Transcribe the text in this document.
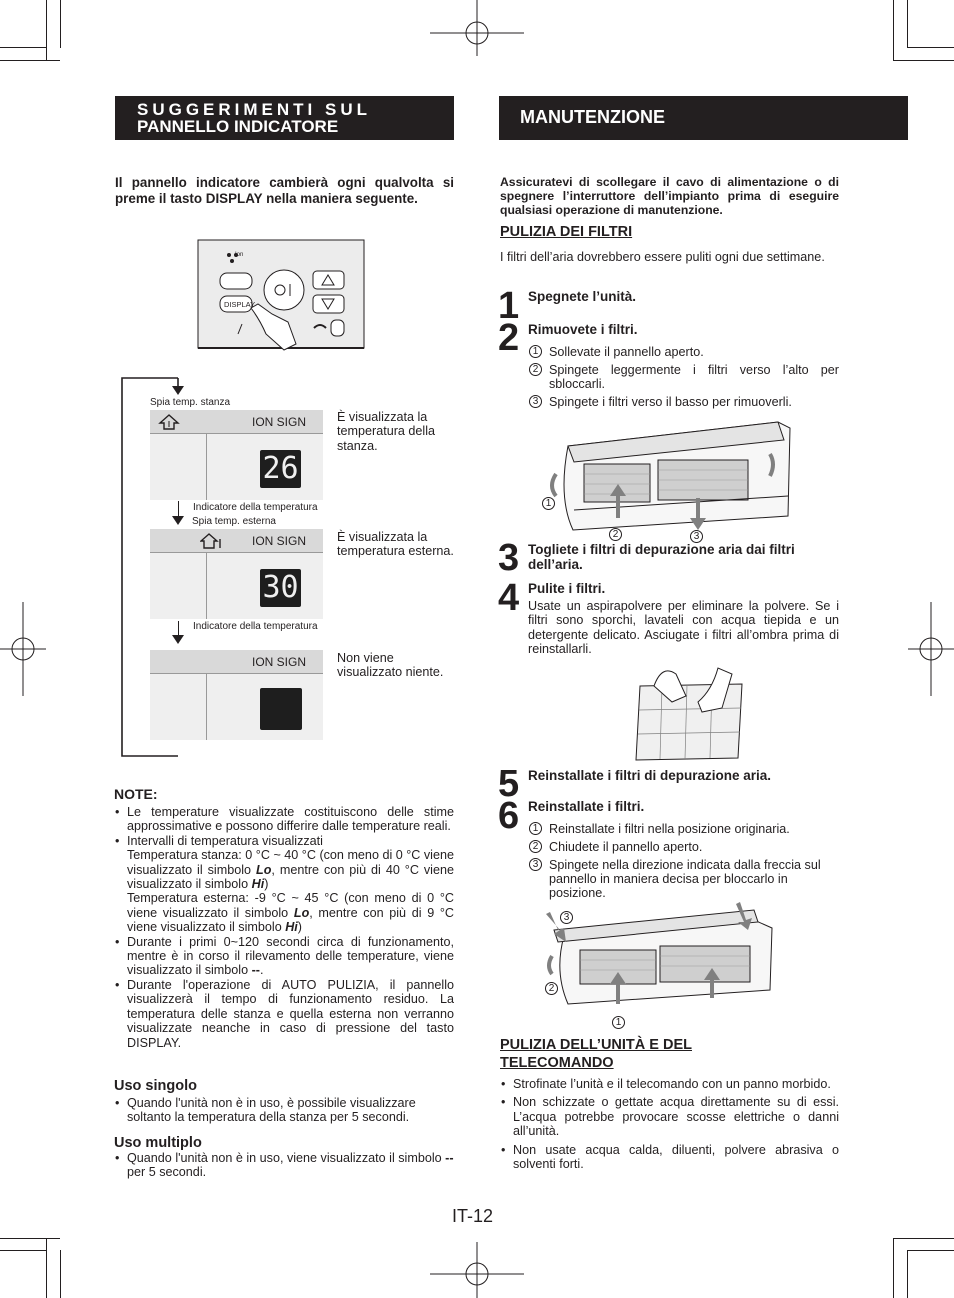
SUGGERIMENTI SUL
PANNELLO INDICATORE	MANUTENZIONE
Il pannello indicatore cambierà ogni qualvolta si preme il tasto DISPLAY nella maniera seguente.
Ion
DISPLAY
Spia temp. stanza
ION SIGN
26
È visualizzata la temperatura della stanza.
Indicatore della temperatura
Spia temp. esterna
ION SIGN
30
È visualizzata la temperatura esterna.
Indicatore della temperatura
ION SIGN Non viene visualizzato niente.
NOTE:
• Le temperature visualizzate costituiscono delle stime approssimative e possono differire dalle temperature reali.
• Intervalli di temperatura visualizzati
Temperatura stanza: 0 °C ~ 40 °C (con meno di 0 °C viene visualizzato il simbolo Lo, mentre con più di 40 °C viene visualizzato il simbolo Hi)
Temperatura esterna: -9 °C ~ 45 °C (con meno di 0 °C viene visualizzato il simbolo Lo, mentre con più di 9 °C viene visualizzato il simbolo Hi)
• Durante i primi 0~120 secondi circa di funzionamento, mentre è in corso il rilevamento delle temperature, viene visualizzato il simbolo --.
• Durante l'operazione di AUTO PULIZIA, il pannello visualizzerà il tempo di funzionamento residuo. La temperatura delle stanza e quella esterna non verranno visualizzate neanche in caso di pressione del tasto DISPLAY.
Uso singolo
• Quando l'unità non è in uso, è possibile visualizzare soltanto la temperatura della stanza per 5 secondi.
Uso multiplo
• Quando l'unità non è in uso, viene visualizzato il simbolo -- per 5 secondi.
Assicuratevi di scollegare il cavo di alimentazione o di spegnere l’interruttore dell’impianto prima di eseguire qualsiasi operazione di manutenzione.
PULIZIA DEI FILTRI
I filtri dell’aria dovrebbero essere puliti ogni due settimane.
1 Spegnete l’unità.
2 Rimuovete i filtri.
1 Sollevate il pannello aperto.
2 Spingete leggermente i filtri verso l’alto per sbloccarli.
3 Spingete i filtri verso il basso per rimuoverli.
1
2	3
3 Togliete i filtri di depurazione aria dai filtri dell’aria.
4 Pulite i filtri.
Usate un aspirapolvere per eliminare la polvere. Se i filtri sono sporchi, lavateli con acqua tiepida e un detergente delicato. Asciugate i filtri all’ombra prima di reinstallarli.
5 Reinstallate i filtri di depurazione aria.
6 Reinstallate i filtri.
1 Reinstallate i filtri nella posizione originaria.
2 Chiudete il pannello aperto.
3 Spingete nella direzione indicata dalla freccia sul pannello in maniera decisa per bloccarlo in posizione.
3
2
1
PULIZIA DELL’UNITÀ E DEL TELECOMANDO
• Strofinate l’unità e il telecomando con un panno morbido.
• Non schizzate o gettate acqua direttamente su di essi. L’acqua potrebbe provocare scosse elettriche o danni all’unità.
• Non usate acqua calda, diluenti, polvere abrasiva o solventi forti.
IT-12
